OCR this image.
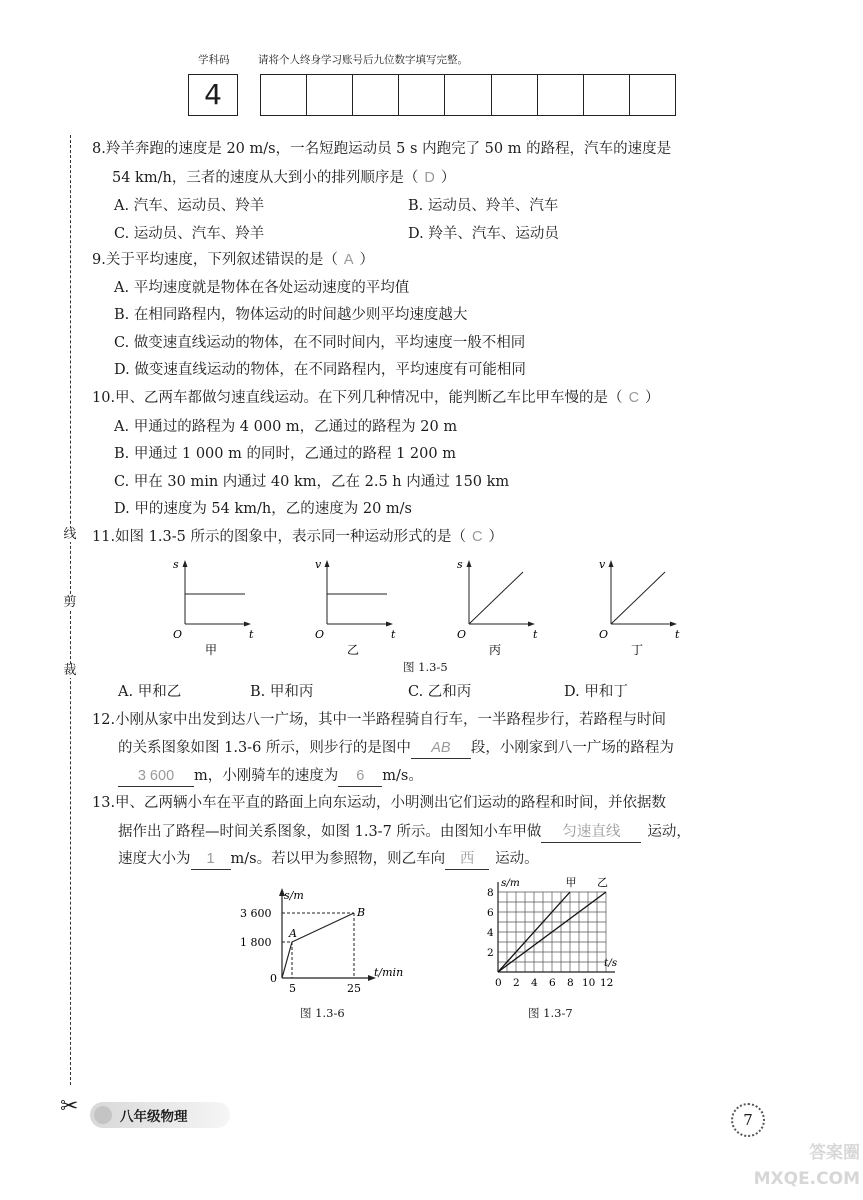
学科码	请将个人终身学习账号后九位数字填写完整。
4
线
剪
裁
✂
8.羚羊奔跑的速度是 20 m/s，一名短跑运动员 5 s 内跑完了 50 m 的路程，汽车的速度是
54 km/h，三者的速度从大到小的排列顺序是（ D ）
A. 汽车、运动员、羚羊	B. 运动员、羚羊、汽车
C. 运动员、汽车、羚羊	D. 羚羊、汽车、运动员
9.关于平均速度，下列叙述错误的是（ A ）
A. 平均速度就是物体在各处运动速度的平均值
B. 在相同路程内，物体运动的时间越少则平均速度越大
C. 做变速直线运动的物体，在不同时间内，平均速度一般不相同
D. 做变速直线运动的物体，在不同路程内，平均速度有可能相同
10.甲、乙两车都做匀速直线运动。在下列几种情况中，能判断乙车比甲车慢的是（ C ）
A. 甲通过的路程为 4 000 m，乙通过的路程为 20 m
B. 甲通过 1 000 m 的同时，乙通过的路程 1 200 m
C. 甲在 30 min 内通过 40 km，乙在 2.5 h 内通过 150 km
D. 甲的速度为 54 km/h，乙的速度为 20 m/s
11.如图 1.3-5 所示的图象中，表示同一种运动形式的是（ C ）
s
t
O
甲
v
t
O
乙
s
t
O
丙
v
t
O
丁
图 1.3-5
A. 甲和乙	B. 甲和丙	C. 乙和丙	D. 甲和丁
12.小刚从家中出发到达八一广场，其中一半路程骑自行车，一半路程步行，若路程与时间
的关系图象如图 1.3-6 所示，则步行的是图中 AB 段，小刚家到八一广场的路程为
3 600 m，小刚骑车的速度为 6 m/s。
13.甲、乙两辆小车在平直的路面上向东运动，小明测出它们运动的路程和时间，并依据数
据作出了路程—时间关系图象，如图 1.3-7 所示。由图知小车甲做 匀速直线 运动，
速度大小为 1 m/s。若以甲为参照物，则乙车向 西 运动。
s/m
t/min
0
3 600
1 800
5	25
A
B
图 1.3-6
s/m
t/s
8
6
4
2
0 2 4 6 8 10 12
甲 乙
图 1.3-7
八年级物理	7
答案圈 MXQE.COM
